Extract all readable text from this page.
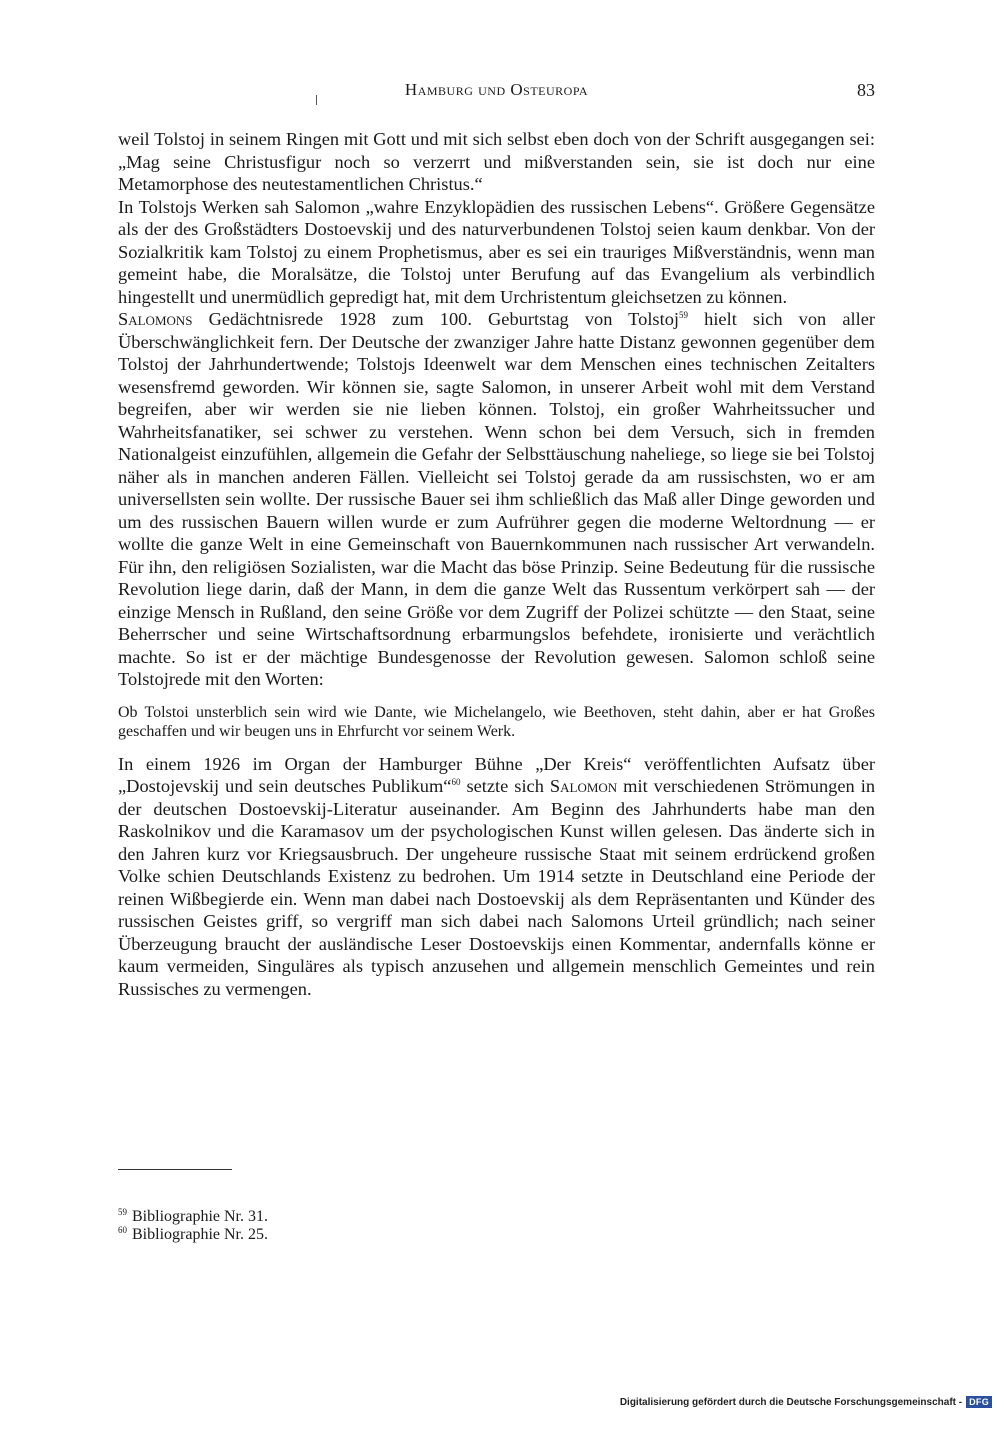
Hamburg und Osteuropa	83

weil Tolstoj in seinem Ringen mit Gott und mit sich selbst eben doch von der Schrift ausgegangen sei: „Mag seine Christusfigur noch so verzerrt und mißverstanden sein, sie ist doch nur eine Metamorphose des neutestamentlichen Christus.“

In Tolstojs Werken sah Salomon „wahre Enzyklopädien des russischen Lebens“. Größere Gegensätze als der des Großstädters Dostoevskij und des naturverbundenen Tolstoj seien kaum denkbar. Von der Sozialkritik kam Tolstoj zu einem Prophetismus, aber es sei ein trauriges Mißverständnis, wenn man gemeint habe, die Moralsätze, die Tolstoj unter Berufung auf das Evangelium als verbindlich hingestellt und unermüdlich gepredigt hat, mit dem Urchristentum gleichsetzen zu können.

Salomons Gedächtnisrede 1928 zum 100. Geburtstag von Tolstoj$^{59}$ hielt sich von aller Überschwänglichkeit fern. Der Deutsche der zwanziger Jahre hatte Distanz gewonnen gegenüber dem Tolstoj der Jahrhundertwende; Tolstojs Ideenwelt war dem Menschen eines technischen Zeitalters wesensfremd geworden. Wir können sie, sagte Salomon, in unserer Arbeit wohl mit dem Verstand begreifen, aber wir werden sie nie lieben können. Tolstoj, ein großer Wahrheitssucher und Wahrheitsfanatiker, sei schwer zu verstehen. Wenn schon bei dem Versuch, sich in fremden Nationalgeist einzufühlen, allgemein die Gefahr der Selbsttäuschung naheliege, so liege sie bei Tolstoj näher als in manchen anderen Fällen. Vielleicht sei Tolstoj gerade da am russischsten, wo er am universellsten sein wollte. Der russische Bauer sei ihm schließlich das Maß aller Dinge geworden und um des russischen Bauern willen wurde er zum Aufrührer gegen die moderne Weltordnung — er wollte die ganze Welt in eine Gemeinschaft von Bauernkommunen nach russischer Art verwandeln. Für ihn, den religiösen Sozialisten, war die Macht das böse Prinzip. Seine Bedeutung für die russische Revolution liege darin, daß der Mann, in dem die ganze Welt das Russentum verkörpert sah — der einzige Mensch in Rußland, den seine Größe vor dem Zugriff der Polizei schützte — den Staat, seine Beherrscher und seine Wirtschaftsordnung erbarmungslos befehdete, ironisierte und verächtlich machte. So ist er der mächtige Bundesgenosse der Revolution gewesen. Salomon schloß seine Tolstojrede mit den Worten:

Ob Tolstoi unsterblich sein wird wie Dante, wie Michelangelo, wie Beethoven, steht dahin, aber er hat Großes geschaffen und wir beugen uns in Ehrfurcht vor seinem Werk.

In einem 1926 im Organ der Hamburger Bühne „Der Kreis“ veröffentlichten Aufsatz über „Dostojevskij und sein deutsches Publikum“$^{60}$ setzte sich Salomon mit verschiedenen Strömungen in der deutschen Dostoevskij-Literatur auseinander. Am Beginn des Jahrhunderts habe man den Raskolnikov und die Karamasov um der psychologischen Kunst willen gelesen. Das änderte sich in den Jahren kurz vor Kriegsausbruch. Der ungeheure russische Staat mit seinem erdrückend großen Volke schien Deutschlands Existenz zu bedrohen. Um 1914 setzte in Deutschland eine Periode der reinen Wißbegierde ein. Wenn man dabei nach Dostoevskij als dem Repräsentanten und Künder des russischen Geistes griff, so vergriff man sich dabei nach Salomons Urteil gründlich; nach seiner Überzeugung braucht der ausländische Leser Dostoevskijs einen Kommentar, andernfalls könne er kaum vermeiden, Singuläres als typisch anzusehen und allgemein menschlich Gemeintes und rein Russisches zu vermengen.

$^{59}$ Bibliographie Nr. 31.
$^{60}$ Bibliographie Nr. 25.
Digitalisierung gefördert durch die Deutsche Forschungsgemeinschaft - DFG
